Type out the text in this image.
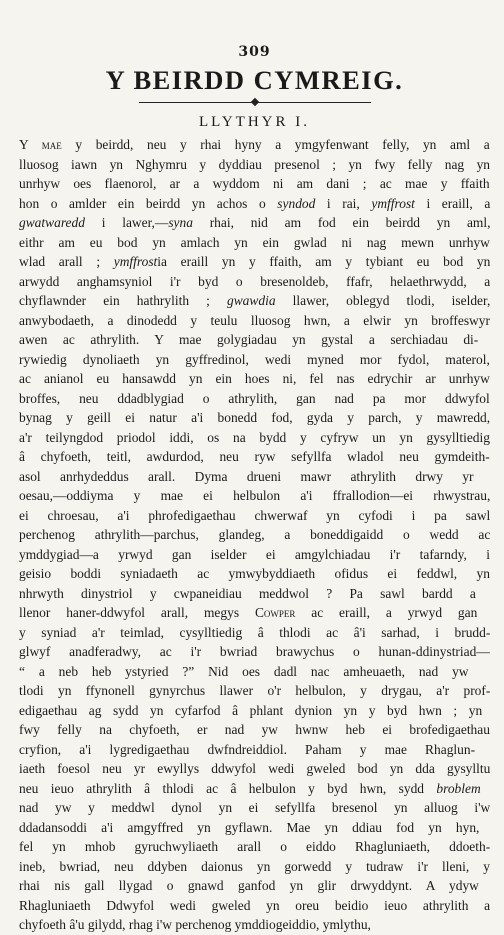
309
Y BEIRDD CYMREIG.
LLYTHYR I.
Y mae y beirdd, neu y rhai hyny a ymgyfenwant felly, yn aml a
lluosog iawn yn Nghymru y dyddiau presenol ; yn fwy felly nag yn
unrhyw oes flaenorol, ar a wyddom ni am dani ; ac mae y ffaith
hon o amlder ein beirdd yn achos o syndod i rai, ymffrost i eraill, a
gwatwaredd i lawer,—syna rhai, nid am fod ein beirdd yn aml,
eithr am eu bod yn amlach yn ein gwlad ni nag mewn unrhyw
wlad arall ; ymffrostia eraill yn y ffaith, am y tybiant eu bod yn
arwydd anghamsyniol i'r byd o bresenoldeb, ffafr, helaethrwydd, a
chyflawnder ein hathrylith ; gwawdia llawer, oblegyd tlodi, iselder,
anwybodaeth, a dinodedd y teulu lluosog hwn, a elwir yn broffeswyr
awen ac athrylith. Y mae golygiadau yn gystal a serchiadau di-
rywiedig dynoliaeth yn gyffredinol, wedi myned mor fydol, materol,
ac anianol eu hansawdd yn ein hoes ni, fel nas edrychir ar unrhyw
broffes, neu ddadblygiad o athrylith, gan nad pa mor ddwyfol
bynag y geill ei natur a'i bonedd fod, gyda y parch, y mawredd,
a'r teilyngdod priodol iddi, os na bydd y cyfryw un yn gysylltiedig
â chyfoeth, teitl, awdurdod, neu ryw sefyllfa wladol neu gymdeith-
asol anrhydeddus arall. Dyma drueni mawr athrylith drwy yr
oesau,—oddiyma y mae ei helbulon a'i ffrallodion—ei rhwystrau,
ei chroesau, a'i phrofedigaethau chwerwaf yn cyfodi i pa sawl
perchenog athrylith—parchus, glandeg, a boneddigaidd o wedd ac
ymddygiad—a yrwyd gan iselder ei amgylchiadau i'r tafarndy, i
geisio boddi syniadaeth ac ymwybyddiaeth ofidus ei feddwl, yn
nhrwyth dinystriol y cwpaneidiau meddwol ? Pa sawl bardd a
llenor haner-ddwyfol arall, megys Cowper ac eraill, a yrwyd gan
y syniad a'r teimlad, cysylltiedig â thlodi ac â'i sarhad, i brudd-
glwyf anadferadwy, ac i'r bwriad brawychus o hunan-ddinystriad—
“ a neb heb ystyried ?” Nid oes dadl nac amheuaeth, nad yw
tlodi yn ffynonell gynyrchus llawer o'r helbulon, y drygau, a'r prof-
edigaethau ag sydd yn cyfarfod â phlant dynion yn y byd hwn ; yn
fwy felly na chyfoeth, er nad yw hwnw heb ei brofedigaethau
cryfion, a'i lygredigaethau dwfndreiddiol. Paham y mae Rhaglun-
iaeth foesol neu yr ewyllys ddwyfol wedi gweled bod yn dda gysylltu
neu ieuo athrylith â thlodi ac â helbulon y byd hwn, sydd broblem
nad yw y meddwl dynol yn ei sefyllfa bresenol yn alluog i'w
ddadansoddi a'i amgyffred yn gyflawn. Mae yn ddiau fod yn hyn,
fel yn mhob gyruchwyliaeth arall o eiddo Rhagluniaeth, ddoeth-
ineb, bwriad, neu ddyben daionus yn gorwedd y tudraw i'r lleni, y
rhai nis gall llygad o gnawd ganfod yn glir drwyddynt. A ydyw
Rhagluniaeth Ddwyfol wedi gweled yn oreu beidio ieuo athrylith a
chyfoeth â'u gilydd, rhag i'w perchenog ymddiogeiddio, ymlythu,
